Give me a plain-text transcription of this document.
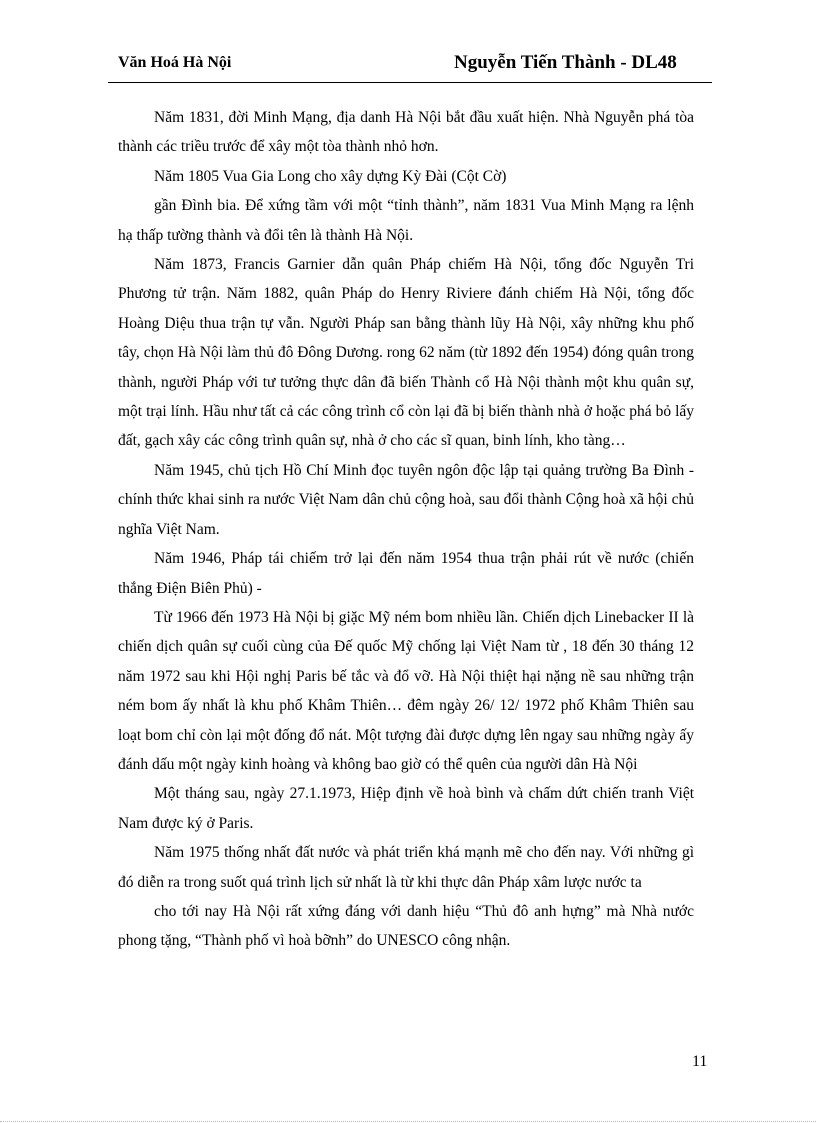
Văn Hoá Hà Nội	Nguyễn Tiến Thành - DL48

Năm 1831, đời Minh Mạng, địa danh Hà Nội bắt đầu xuất hiện. Nhà Nguyễn phá tòa thành các triều trước để xây một tòa thành nhỏ hơn.

Năm 1805 Vua Gia Long cho xây dựng Kỳ Đài (Cột Cờ)

gần Đình bia. Để xứng tầm với một “tỉnh thành”, năm 1831 Vua Minh Mạng ra lệnh hạ thấp tường thành và đổi tên là thành Hà Nội.

Năm 1873, Francis Garnier dẫn quân Pháp chiếm Hà Nội, tổng đốc Nguyễn Tri Phương tử trận. Năm 1882, quân Pháp do Henry Riviere đánh chiếm Hà Nội, tổng đốc Hoàng Diệu thua trận tự vẫn. Người Pháp san bằng thành lũy Hà Nội, xây những khu phố tây, chọn Hà Nội làm thủ đô Đông Dương. rong 62 năm (từ 1892 đến 1954) đóng quân trong thành, người Pháp với tư tưởng thực dân đã biến Thành cổ Hà Nội thành một khu quân sự, một trại lính. Hầu như tất cả các công trình cổ còn lại đã bị biến thành nhà ở hoặc phá bỏ lấy đất, gạch xây các công trình quân sự, nhà ở cho các sĩ quan, binh lính, kho tàng…

Năm 1945, chủ tịch Hồ Chí Minh đọc tuyên ngôn độc lập tại quảng trường Ba Đình - chính thức khai sinh ra nước Việt Nam dân chủ cộng hoà, sau đổi thành Cộng hoà xã hội chủ nghĩa Việt Nam.

Năm 1946, Pháp tái chiếm trở lại đến năm 1954 thua trận phải rút về nước (chiến thắng Điện Biên Phủ) -

Từ 1966 đến 1973 Hà Nội bị giặc Mỹ ném bom nhiều lần. Chiến dịch Linebacker II là chiến dịch quân sự cuối cùng của Đế quốc Mỹ chống lại Việt Nam từ , 18 đến 30 tháng 12 năm 1972 sau khi Hội nghị Paris bế tắc và đổ vỡ. Hà Nội thiệt hại nặng nề sau những trận ném bom ấy nhất là khu phố Khâm Thiên… đêm ngày 26/ 12/ 1972 phố Khâm Thiên sau loạt bom chỉ còn lại một đống đổ nát. Một tượng đài được dựng lên ngay sau những ngày ấy đánh dấu một ngày kinh hoàng và không bao giờ có thể quên của người dân Hà Nội

Một tháng sau, ngày 27.1.1973, Hiệp định về hoà bình và chấm dứt chiến tranh Việt Nam được ký ở Paris.

Năm 1975 thống nhất đất nước và phát triển khá mạnh mẽ cho đến nay. Với những gì đó diễn ra trong suốt quá trình lịch sử nhất là từ khi thực dân Pháp xâm lược nước ta

cho tới nay Hà Nội rất xứng đáng với danh hiệu “Thủ đô anh hựng” mà Nhà nước phong tặng, “Thành phố vì hoà bỡnh” do UNESCO công nhận.

11
